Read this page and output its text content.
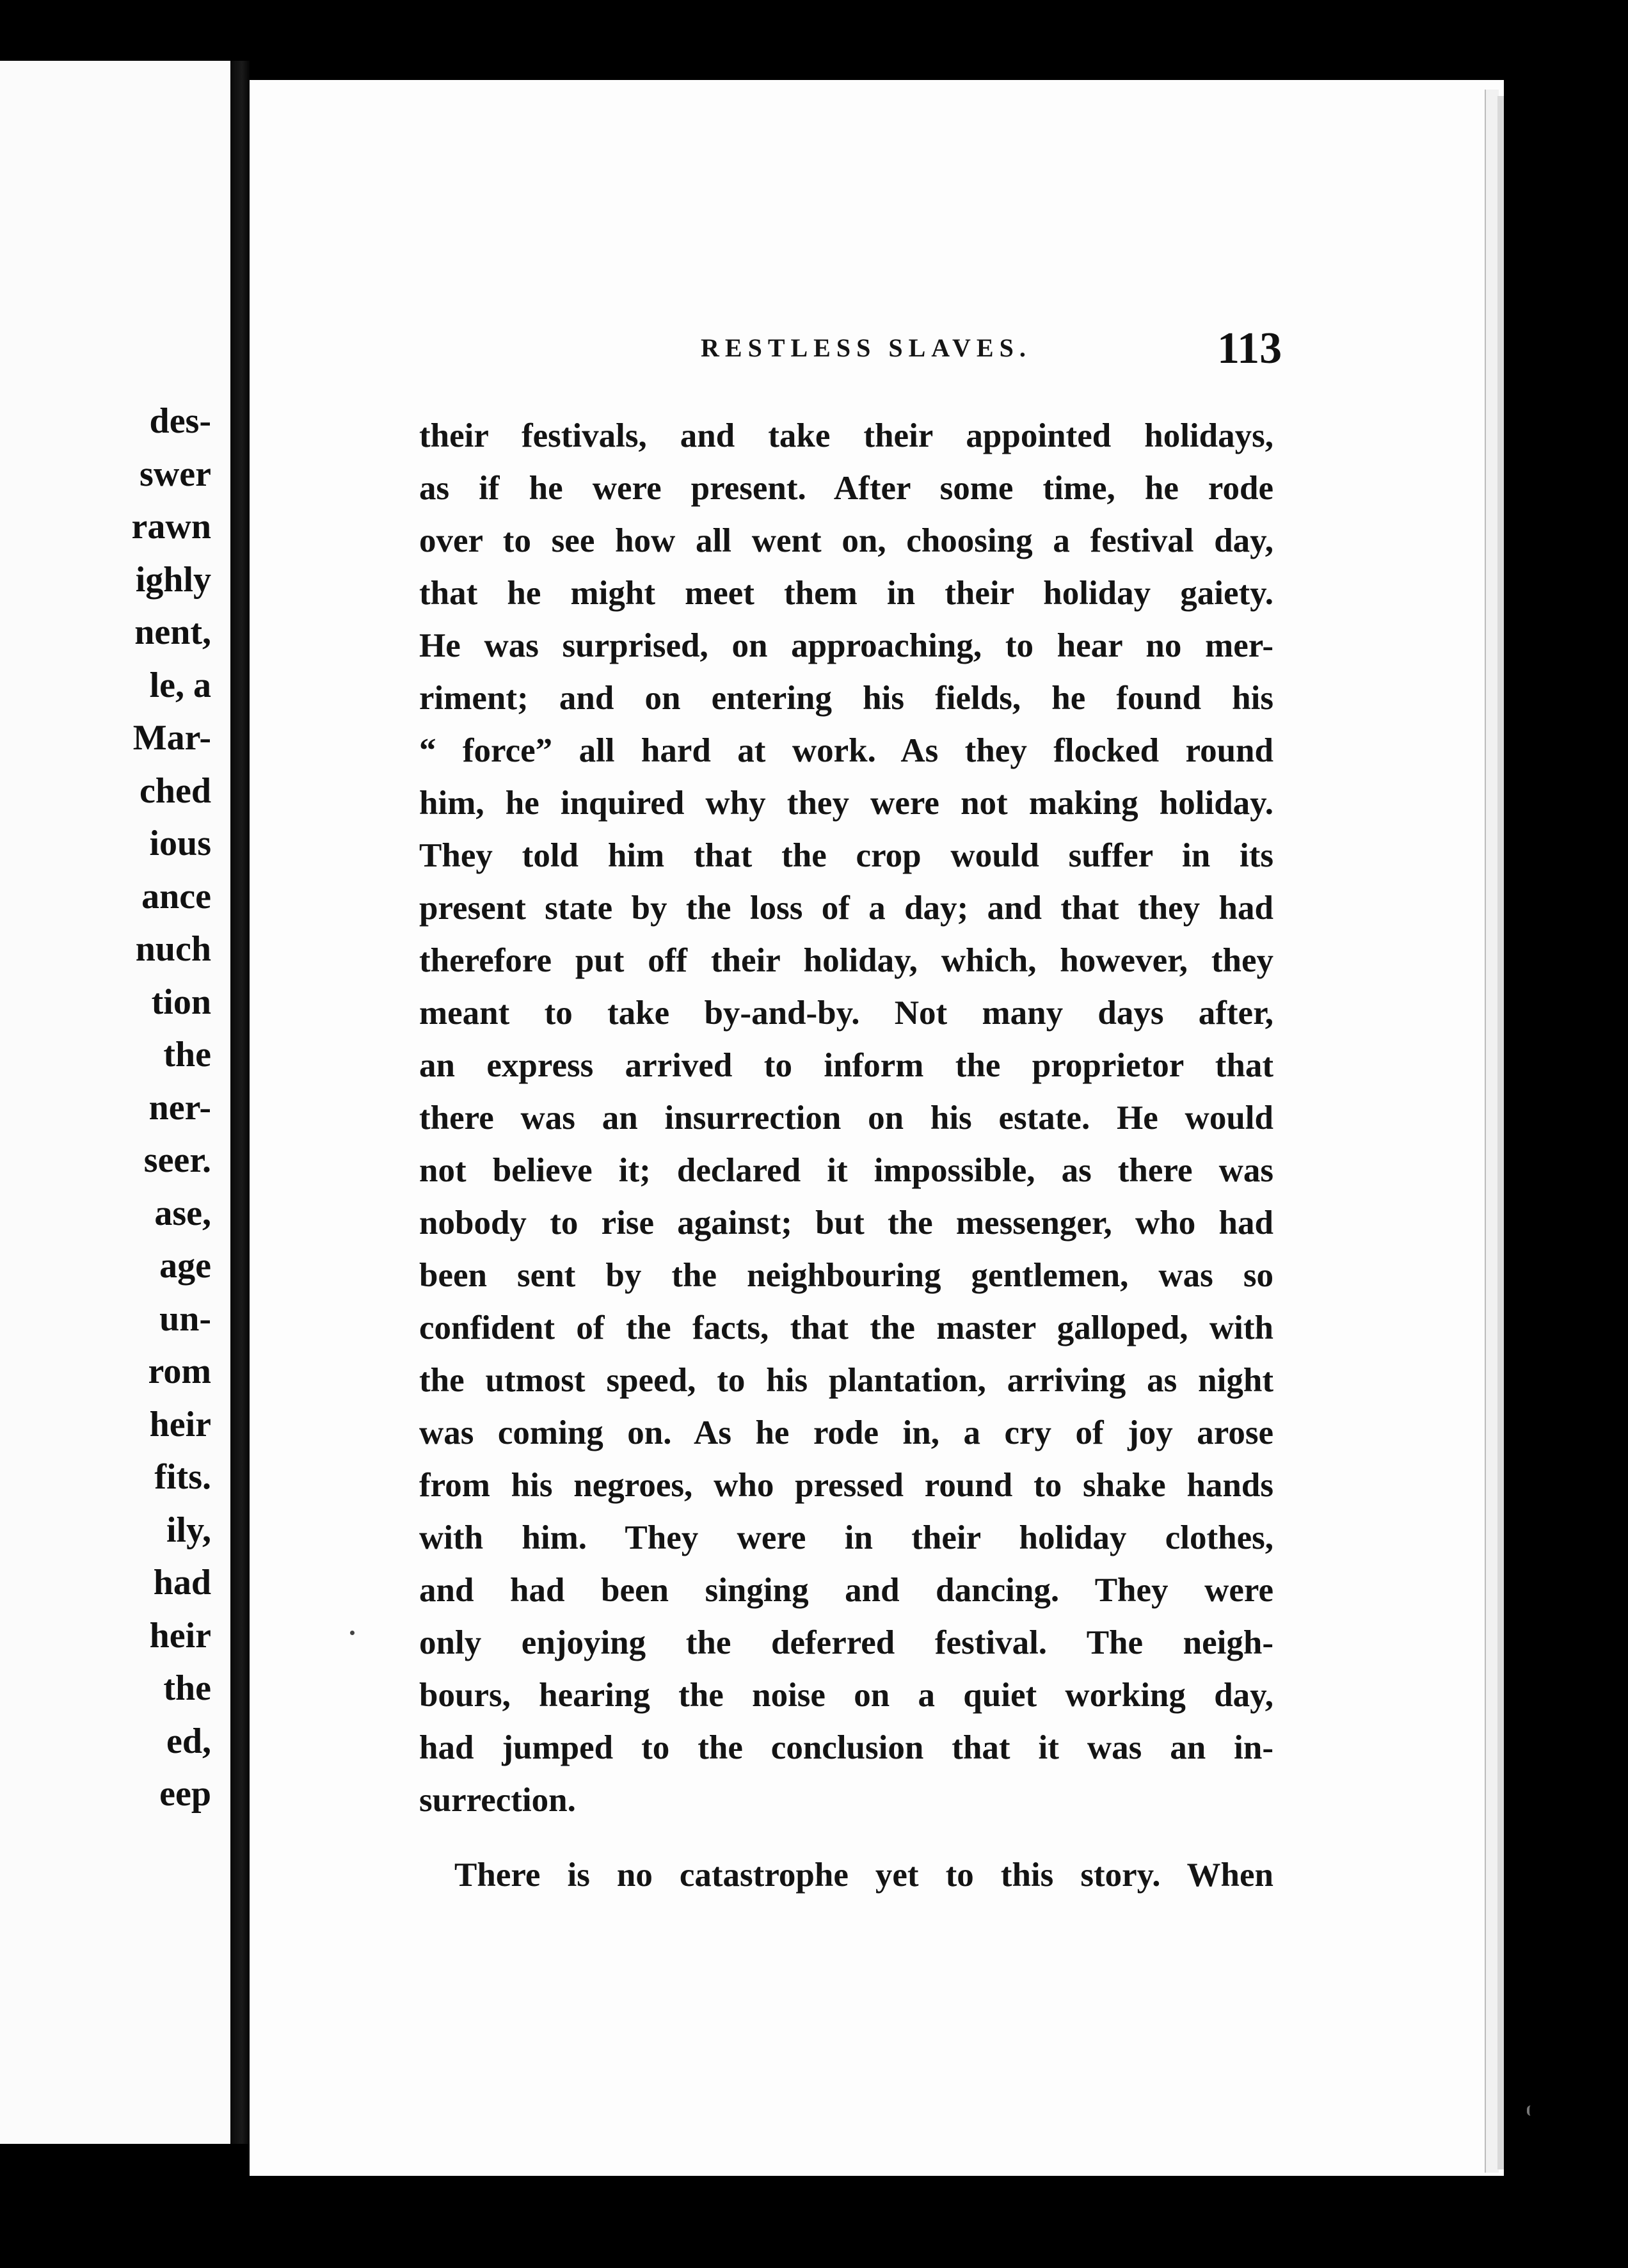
des-
swer
rawn
ighly
nent,
le, a
Mar-
ched
ious
ance
nuch
tion
the
ner-
seer.
ase,
age
un-
rom
heir
fits.
ily,
had
heir
the
ed,
eep
RESTLESS SLAVES.	113
their festivals, and take their appointed holidays,
as if he were present. After some time, he rode
over to see how all went on, choosing a festival day,
that he might meet them in their holiday gaiety.
He was surprised, on approaching, to hear no mer-
riment; and on entering his fields, he found his
“ force” all hard at work. As they flocked round
him, he inquired why they were not making holiday.
They told him that the crop would suffer in its
present state by the loss of a day; and that they had
therefore put off their holiday, which, however, they
meant to take by-and-by. Not many days after,
an express arrived to inform the proprietor that
there was an insurrection on his estate. He would
not believe it; declared it impossible, as there was
nobody to rise against; but the messenger, who had
been sent by the neighbouring gentlemen, was so
confident of the facts, that the master galloped, with
the utmost speed, to his plantation, arriving as night
was coming on. As he rode in, a cry of joy arose
from his negroes, who pressed round to shake hands
with him. They were in their holiday clothes,
and had been singing and dancing. They were
only enjoying the deferred festival. The neigh-
bours, hearing the noise on a quiet working day,
had jumped to the conclusion that it was an in-
surrection.
There is no catastrophe yet to this story. When
